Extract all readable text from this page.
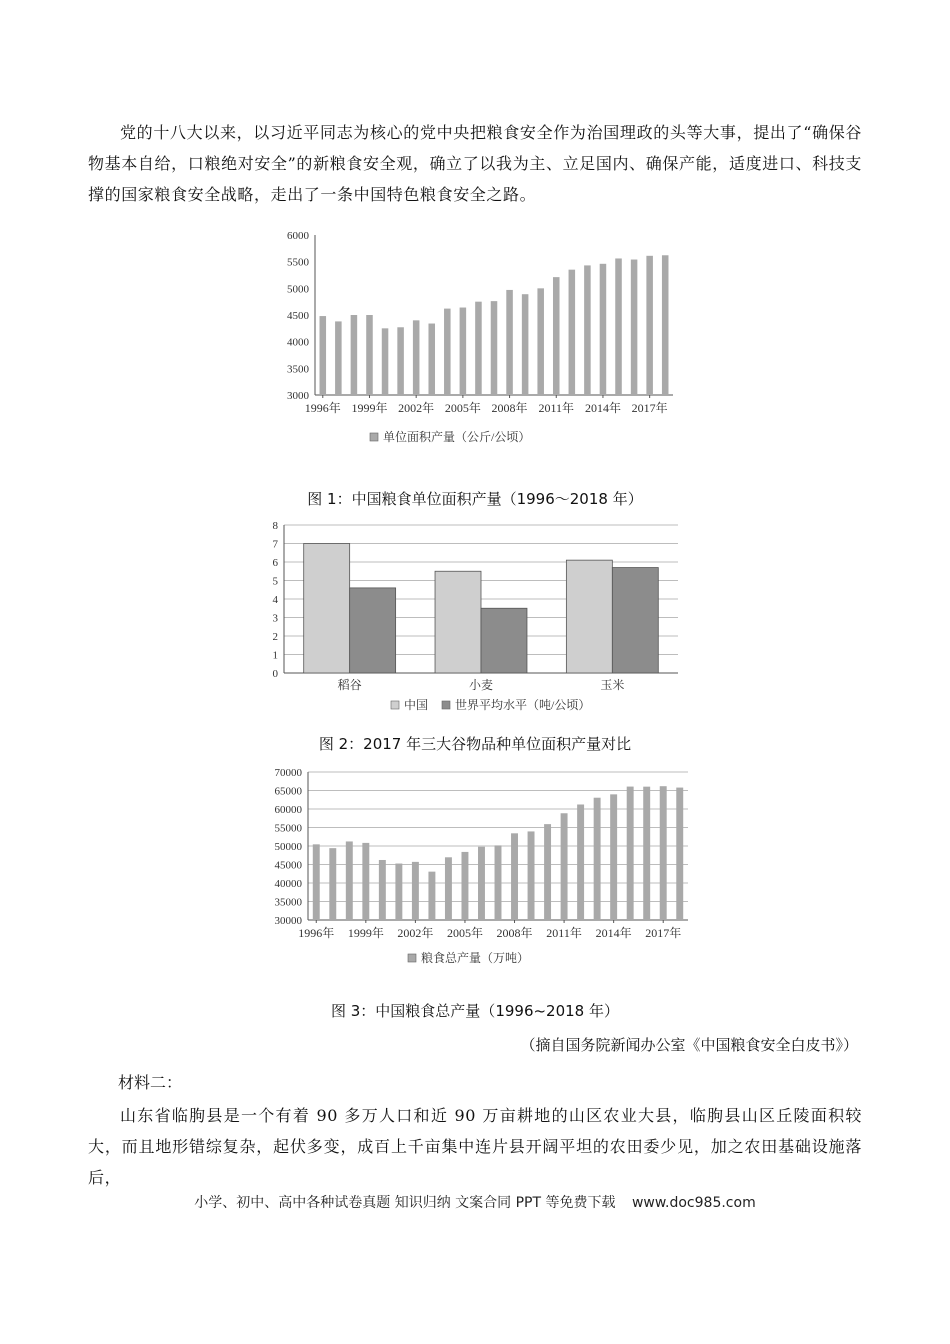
党的十八大以来，以习近平同志为核心的党中央把粮食安全作为治国理政的头等大事，提出了“确保谷物基本自给，口粮绝对安全”的新粮食安全观，确立了以我为主、立足国内、确保产能，适度进口、科技支撑的国家粮食安全战略，走出了一条中国特色粮食安全之路。

3000
3500
4000
4500
5000
5500
6000
1996年 1999年 2002年 2005年 2008年 2011年 2014年 2017年
单位面积产量（公斤/公顷）
图 1：中国粮食单位面积产量（1996～2018 年）
0
1
2
3
4
5
6
7
8
稻谷	小麦	玉米
中国 世界平均水平（吨/公顷）
图 2：2017 年三大谷物品种单位面积产量对比
30000
35000
40000
45000
50000
55000
60000
65000
70000
1996年 1999年 2002年 2005年 2008年 2011年 2014年 2017年
粮食总产量（万吨）
图 3：中国粮食总产量（1996~2018 年）
（摘自国务院新闻办公室《中国粮食安全白皮书》）
材料二：

山东省临朐县是一个有着 90 多万人口和近 90 万亩耕地的山区农业大县，临朐县山区丘陵面积较大，而且地形错综复杂，起伏多变，成百上千亩集中连片县开阔平坦的农田委少见，加之农田基础设施落后，

小学、初中、高中各种试卷真题 知识归纳 文案合同 PPT 等免费下载 www.doc985.com
